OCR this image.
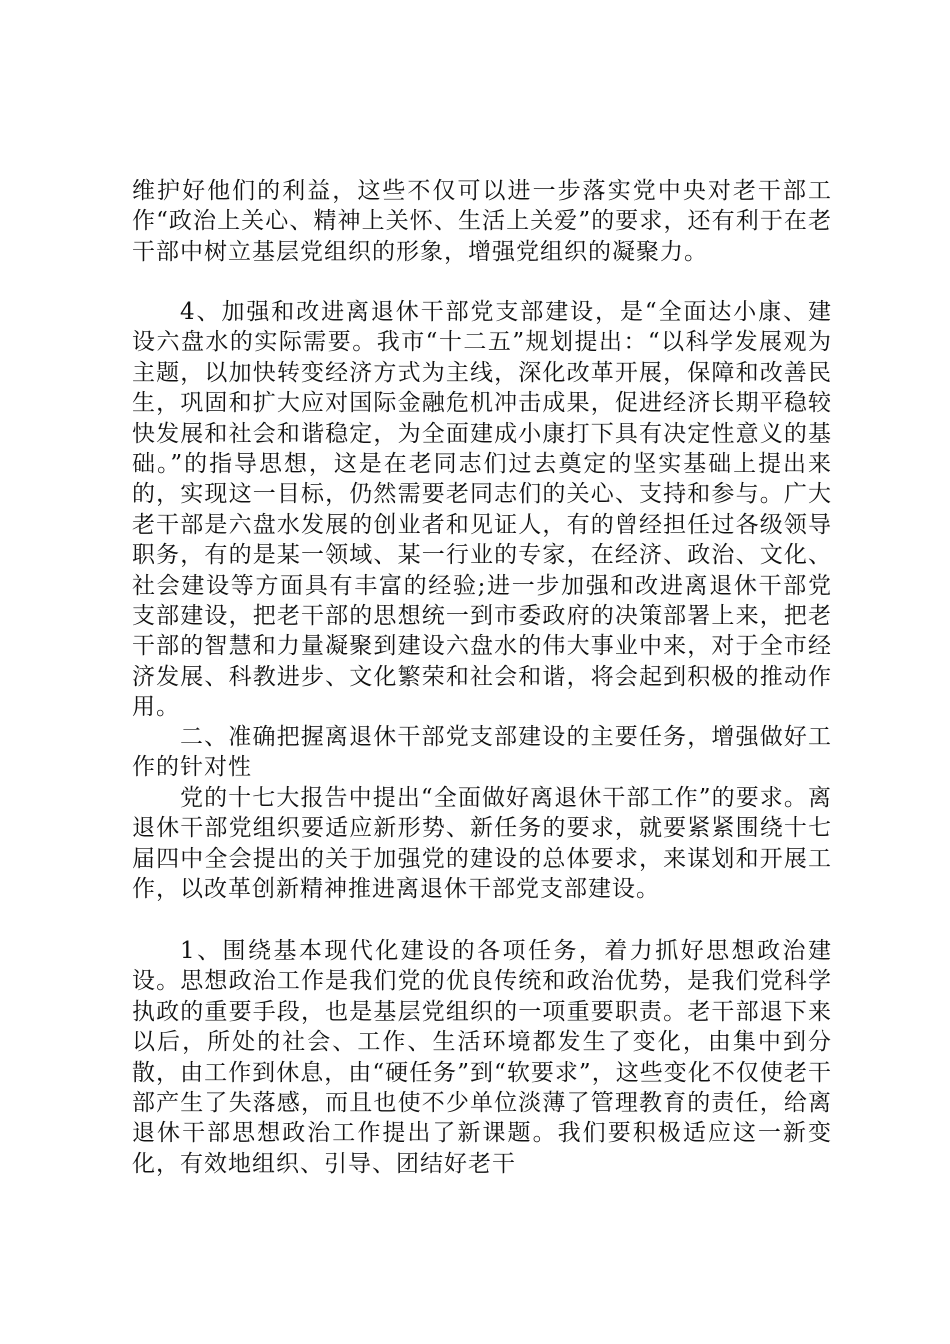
维护好他们的利益，这些不仅可以进一步落实党中央对老干部工作“政治上关心、精神上关怀、生活上关爱”的要求，还有利于在老干部中树立基层党组织的形象，增强党组织的凝聚力。

4、加强和改进离退休干部党支部建设，是“全面达小康、建设六盘水的实际需要。我市“十二五”规划提出：“以科学发展观为主题，以加快转变经济方式为主线，深化改革开展，保障和改善民生，巩固和扩大应对国际金融危机冲击成果，促进经济长期平稳较快发展和社会和谐稳定，为全面建成小康打下具有决定性意义的基础。”的指导思想，这是在老同志们过去奠定的坚实基础上提出来的，实现这一目标，仍然需要老同志们的关心、支持和参与。广大老干部是六盘水发展的创业者和见证人，有的曾经担任过各级领导职务，有的是某一领域、某一行业的专家，在经济、政治、文化、社会建设等方面具有丰富的经验;进一步加强和改进离退休干部党支部建设，把老干部的思想统一到市委政府的决策部署上来，把老干部的智慧和力量凝聚到建设六盘水的伟大事业中来，对于全市经济发展、科教进步、文化繁荣和社会和谐，将会起到积极的推动作用。

二、准确把握离退休干部党支部建设的主要任务，增强做好工作的针对性

党的十七大报告中提出“全面做好离退休干部工作”的要求。离退休干部党组织要适应新形势、新任务的要求，就要紧紧围绕十七届四中全会提出的关于加强党的建设的总体要求，来谋划和开展工作，以改革创新精神推进离退休干部党支部建设。

1、围绕基本现代化建设的各项任务，着力抓好思想政治建设。思想政治工作是我们党的优良传统和政治优势，是我们党科学执政的重要手段，也是基层党组织的一项重要职责。老干部退下来以后，所处的社会、工作、生活环境都发生了变化，由集中到分散，由工作到休息，由“硬任务”到“软要求”，这些变化不仅使老干部产生了失落感，而且也使不少单位淡薄了管理教育的责任，给离退休干部思想政治工作提出了新课题。我们要积极适应这一新变化，有效地组织、引导、团结好老干
